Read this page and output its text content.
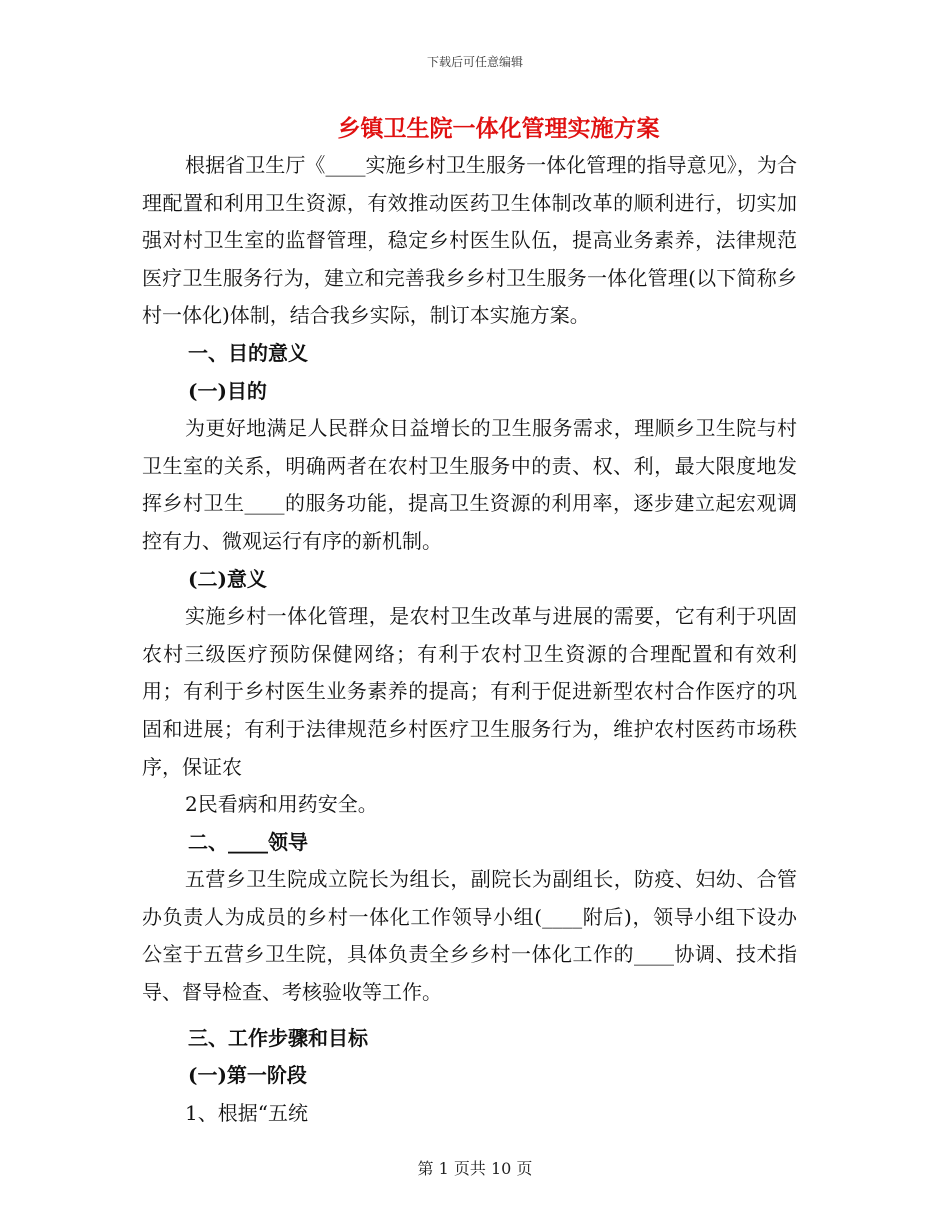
下载后可任意编辑
乡镇卫生院一体化管理实施方案

根据省卫生厅《____实施乡村卫生服务一体化管理的指导意见》，为合理配置和利用卫生资源，有效推动医药卫生体制改革的顺利进行，切实加强对村卫生室的监督管理，稳定乡村医生队伍，提高业务素养，法律规范医疗卫生服务行为，建立和完善我乡乡村卫生服务一体化管理(以下简称乡村一体化)体制，结合我乡实际，制订本实施方案。

一、目的意义

(一)目的

为更好地满足人民群众日益增长的卫生服务需求，理顺乡卫生院与村卫生室的关系，明确两者在农村卫生服务中的责、权、利，最大限度地发挥乡村卫生____的服务功能，提高卫生资源的利用率，逐步建立起宏观调控有力、微观运行有序的新机制。

(二)意义

实施乡村一体化管理，是农村卫生改革与进展的需要，它有利于巩固农村三级医疗预防保健网络；有利于农村卫生资源的合理配置和有效利用；有利于乡村医生业务素养的提高；有利于促进新型农村合作医疗的巩固和进展；有利于法律规范乡村医疗卫生服务行为，维护农村医药市场秩序，保证农

2民看病和用药安全。

二、____领导

五营乡卫生院成立院长为组长，副院长为副组长，防疫、妇幼、合管办负责人为成员的乡村一体化工作领导小组(____附后)，领导小组下设办公室于五营乡卫生院，具体负责全乡乡村一体化工作的____协调、技术指导、督导检查、考核验收等工作。

三、工作步骤和目标

(一)第一阶段

1、根据“五统

第 1 页共 10 页
